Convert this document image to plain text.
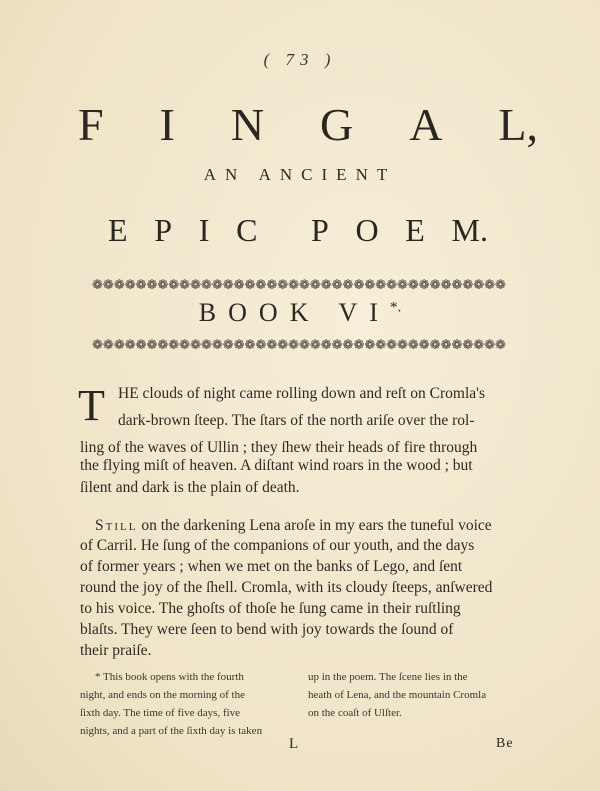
( 73 )
F I N G A L,
AN ANCIENT
E P I C P O E M.
❁❁❁❁❁❁❁❁❁❁❁❁❁❁❁❁❁❁❁❁❁❁❁❁❁❁❁❁❁❁❁❁❁❁❁❁❁❁
BOOK VI*.
❁❁❁❁❁❁❁❁❁❁❁❁❁❁❁❁❁❁❁❁❁❁❁❁❁❁❁❁❁❁❁❁❁❁❁❁❁❁
T HE clouds of night came rolling down and reſt on Cromla's
dark-brown ſteep. The ſtars of the north ariſe over the rol-
ling of the waves of Ullin ; they ſhew their heads of fire through
the flying miſt of heaven. A diſtant wind roars in the wood ; but
ſilent and dark is the plain of death.
Still on the darkening Lena aroſe in my ears the tuneful voice
of Carril. He ſung of the companions of our youth, and the days
of former years ; when we met on the banks of Lego, and ſent
round the joy of the ſhell. Cromla, with its cloudy ſteeps, anſwered
to his voice. The ghoſts of thoſe he ſung came in their ruſtling
blaſts. They were ſeen to bend with joy towards the ſound of
their praiſe.
* This book opens with the fourth
night, and ends on the morning of the
ſixth day. The time of five days, five
nights, and a part of the ſixth day is taken
up in the poem. The ſcene lies in the
heath of Lena, and the mountain Cromla
on the coaſt of Ulſter.
L	Be
